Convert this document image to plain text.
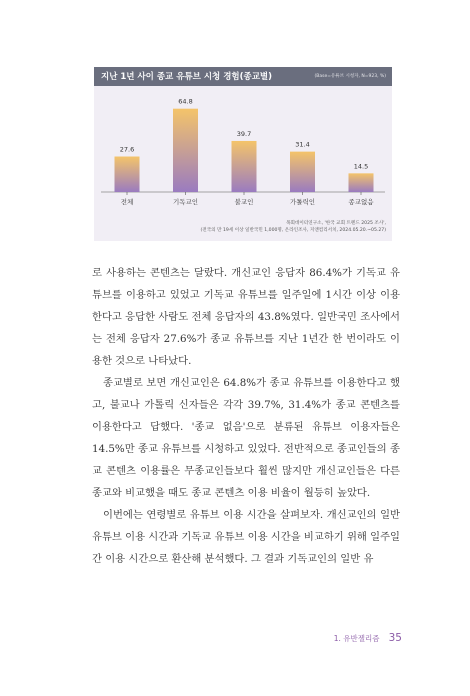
지난 1년 사이 종교 유튜브 시청 경험(종교별)	(Base=유튜브 시청자, N=923, %)
27.6
전체
64.8
기독교인
39.7
불교인
31.4
가톨릭인
14.5
종교없음
목회데이터연구소, '한국 교회 트렌드 2025 조사',
(전국의 만 19세 이상 일반국민 1,000명, 온라인조사, 지앤컴리서치, 2024.05.20.~05.27)

로 사용하는 콘텐츠는 달랐다. 개신교인 응답자 86.4%가 기독교 유튜브를 이용하고 있었고 기독교 유튜브를 일주일에 1시간 이상 이용한다고 응답한 사람도 전체 응답자의 43.8%였다. 일반국민 조사에서는 전체 응답자 27.6%가 종교 유튜브를 지난 1년간 한 번이라도 이용한 것으로 나타났다.

종교별로 보면 개신교인은 64.8%가 종교 유튜브를 이용한다고 했고, 불교나 가톨릭 신자들은 각각 39.7%, 31.4%가 종교 콘텐츠를 이용한다고 답했다. '종교 없음'으로 분류된 유튜브 이용자들은 14.5%만 종교 유튜브를 시청하고 있었다. 전반적으로 종교인들의 종교 콘텐츠 이용률은 무종교인들보다 훨씬 많지만 개신교인들은 다른 종교와 비교했을 때도 종교 콘텐츠 이용 비율이 월등히 높았다.

이번에는 연령별로 유튜브 이용 시간을 살펴보자. 개신교인의 일반 유튜브 이용 시간과 기독교 유튜브 이용 시간을 비교하기 위해 일주일간 이용 시간으로 환산해 분석했다. 그 결과 기독교인의 일반 유

1. 유반젤리즘 35
